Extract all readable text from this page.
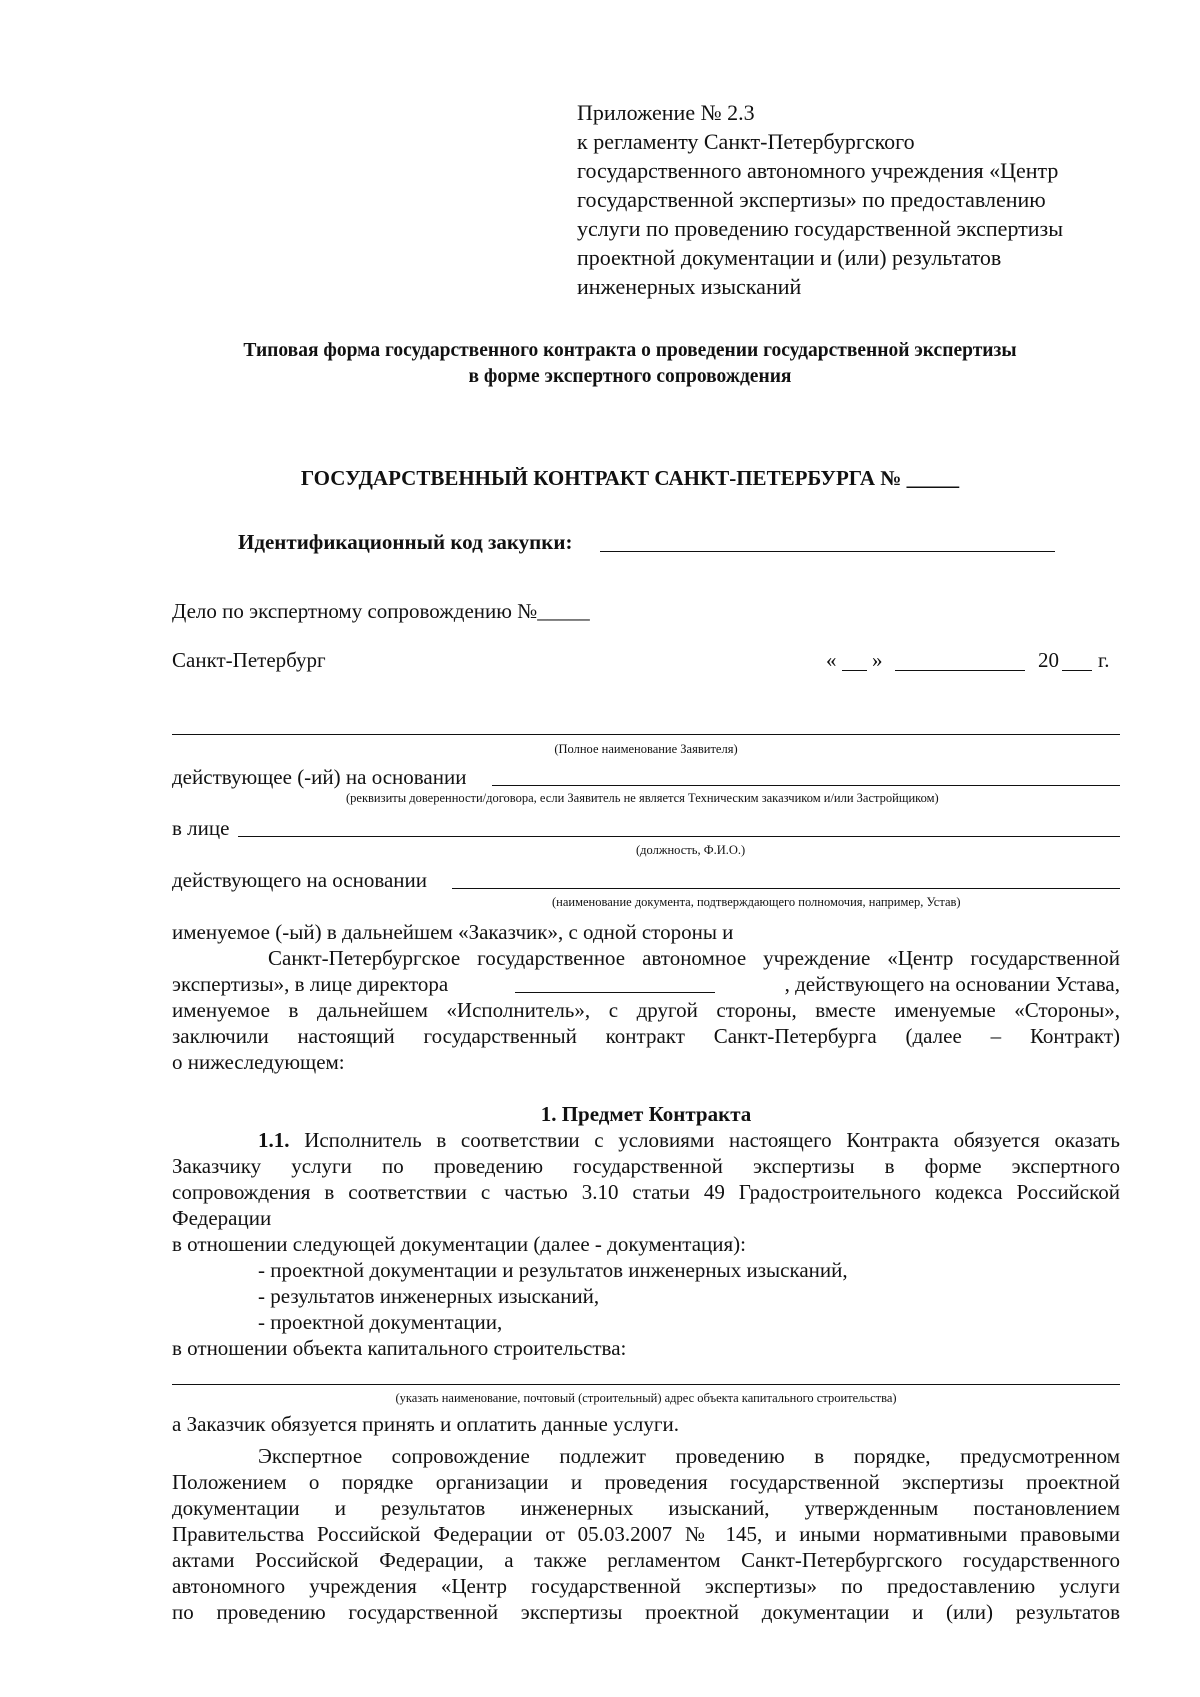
Приложение № 2.3
к регламенту Санкт-Петербургского
государственного автономного учреждения «Центр
государственной экспертизы» по предоставлению
услуги по проведению государственной экспертизы
проектной документации и (или) результатов
инженерных изысканий
Типовая форма государственного контракта о проведении государственной экспертизы
в форме экспертного сопровождения
ГОСУДАРСТВЕННЫЙ КОНТРАКТ САНКТ-ПЕТЕРБУРГА № _____
Идентификационный код закупки:
Дело по экспертному сопровождению №_____
Санкт-Петербург	« »	20 г.
(Полное наименование Заявителя)
действующее (-ий) на основании
(реквизиты доверенности/договора, если Заявитель не является Техническим заказчиком и/или Застройщиком)
в лице
(должность, Ф.И.О.)
действующего на основании
(наименование документа, подтверждающего полномочия, например, Устав)
именуемое (-ый) в дальнейшем «Заказчик», с одной стороны и
Санкт-Петербургское государственное автономное учреждение «Центр государственной
экспертизы», в лице директора	, действующего на основании Устава,
именуемое в дальнейшем «Исполнитель», с другой стороны, вместе именуемые «Стороны»,
заключили настоящий государственный контракт Санкт-Петербурга (далее – Контракт)
о нижеследующем:
1. Предмет Контракта
1.1. Исполнитель в соответствии с условиями настоящего Контракта обязуется оказать
Заказчику услуги по проведению государственной экспертизы в форме экспертного
сопровождения в соответствии с частью 3.10 статьи 49 Градостроительного кодекса Российской
Федерации
в отношении следующей документации (далее - документация):
- проектной документации и результатов инженерных изысканий,
- результатов инженерных изысканий,
- проектной документации,
в отношении объекта капитального строительства:
(указать наименование, почтовый (строительный) адрес объекта капитального строительства)
а Заказчик обязуется принять и оплатить данные услуги.
Экспертное сопровождение подлежит проведению в порядке, предусмотренном
Положением о порядке организации и проведения государственной экспертизы проектной
документации и результатов инженерных изысканий, утвержденным постановлением
Правительства Российской Федерации от 05.03.2007 № 145, и иными нормативными правовыми
актами Российской Федерации, а также регламентом Санкт-Петербургского государственного
автономного учреждения «Центр государственной экспертизы» по предоставлению услуги
по проведению государственной экспертизы проектной документации и (или) результатов
